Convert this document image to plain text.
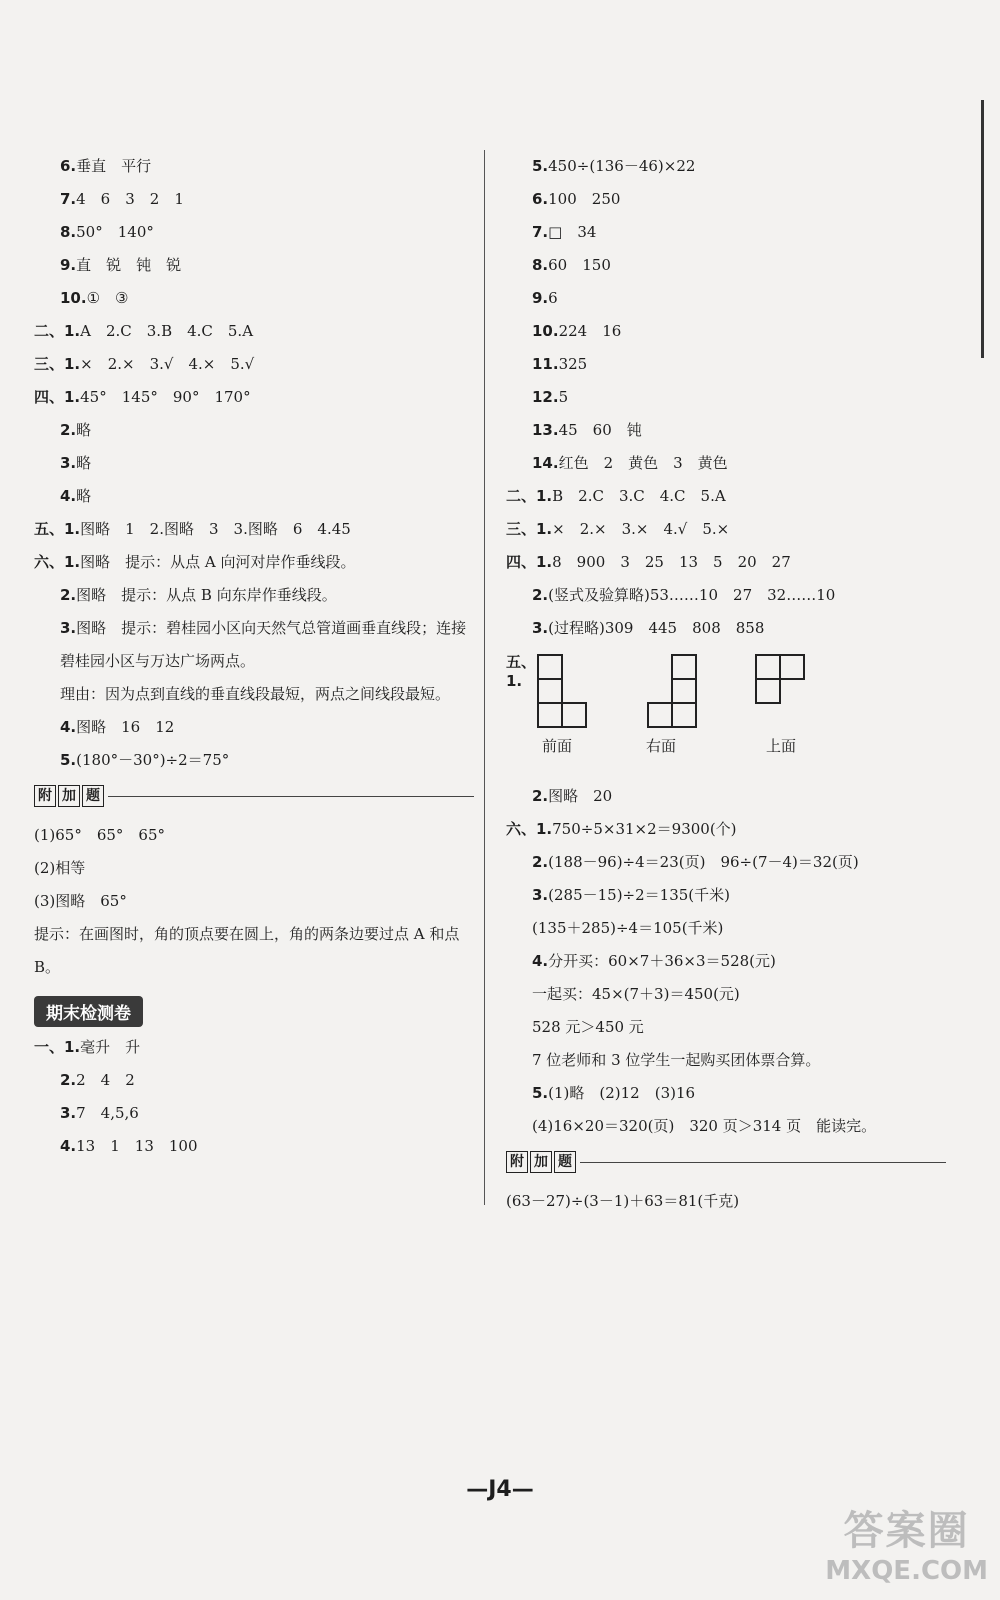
6.垂直　平行
7.4　6　3　2　1
8.50°　140°
9.直　锐　钝　锐
10.①　③
二、1.A　2.C　3.B　4.C　5.A
三、1.×　2.×　3.√　4.×　5.√
四、1.45°　145°　90°　170°
2.略
3.略
4.略
五、1.图略　1　2.图略　3　3.图略　6　4.45
六、1.图略　提示：从点 A 向河对岸作垂线段。
2.图略　提示：从点 B 向东岸作垂线段。
3.图略　提示：碧桂园小区向天然气总管道画垂直线段；连接碧桂园小区与万达广场两点。
理由：因为点到直线的垂直线段最短，两点之间线段最短。
4.图略　16　12
5.(180°－30°)÷2＝75°
附 加 题
(1)65°　65°　65°
(2)相等
(3)图略　65°
提示：在画图时，角的顶点要在圆上，角的两条边要过点 A 和点 B。
期末检测卷
一、1.毫升　升
2.2　4　2
3.7　4,5,6
4.13　1　13　100
5.450÷(136－46)×22
6.100　250
7.□　34
8.60　150
9.6
10.224　16
11.325
12.5
13.45　60　钝
14.红色　2　黄色　3　黄色
二、1.B　2.C　3.C　4.C　5.A
三、1.×　2.×　3.×　4.√　5.×
四、1.8　900　3　25　13　5　20　27
2.(竖式及验算略)53……10　27　32……10
3.(过程略)309　445　808　858
五、1.
前面	右面	上面
2.图略　20
六、1.750÷5×31×2＝9300(个)
2.(188－96)÷4＝23(页)　96÷(7－4)＝32(页)
3.(285－15)÷2＝135(千米)
(135＋285)÷4＝105(千米)
4.分开买：60×7＋36×3＝528(元)
一起买：45×(7＋3)＝450(元)
528 元＞450 元
7 位老师和 3 位学生一起购买团体票合算。
5.(1)略　(2)12　(3)16
(4)16×20＝320(页)　320 页＞314 页　能读完。
附 加 题
(63－27)÷(3－1)＋63＝81(千克)
—J4—
答案圈
MXQE.COM
